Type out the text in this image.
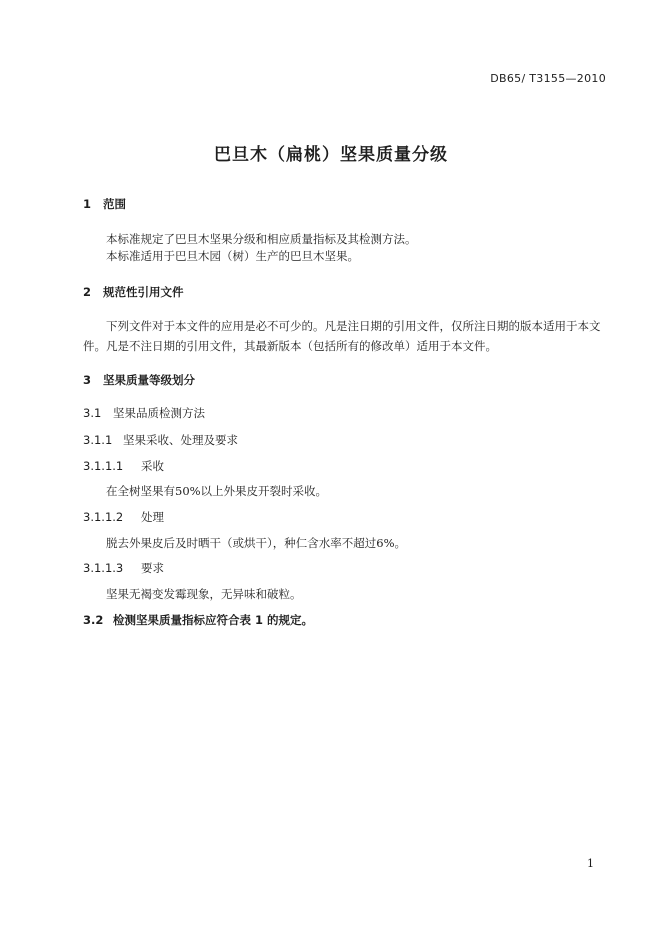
DB65/ T3155—2010
巴旦木（扁桃）坚果质量分级
1 范围
本标准规定了巴旦木坚果分级和相应质量指标及其检测方法。
本标准适用于巴旦木园（树）生产的巴旦木坚果。
2 规范性引用文件
下列文件对于本文件的应用是必不可少的。凡是注日期的引用文件，仅所注日期的版本适用于本文件。凡是不注日期的引用文件，其最新版本（包括所有的修改单）适用于本文件。
3 坚果质量等级划分
3.1 坚果品质检测方法
3.1.1 坚果采收、处理及要求
3.1.1.1 采收
在全树坚果有50%以上外果皮开裂时采收。
3.1.1.2 处理
脱去外果皮后及时晒干（或烘干），种仁含水率不超过6%。
3.1.1.3 要求
坚果无褐变发霉现象，无异味和破粒。
3.2 检测坚果质量指标应符合表 1 的规定。
1
